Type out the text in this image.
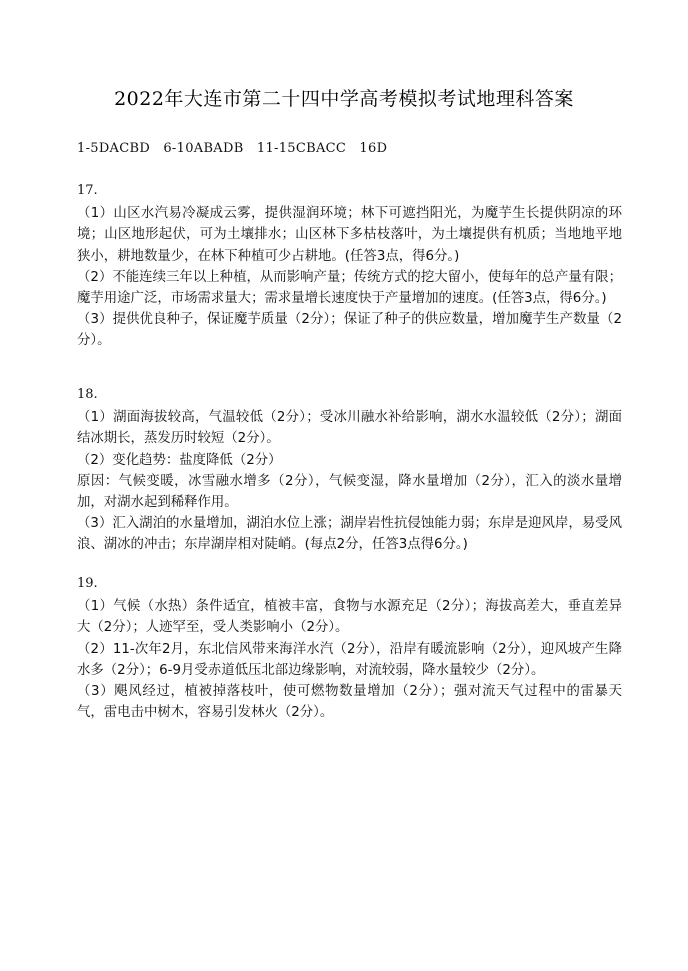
2022年大连市第二十四中学高考模拟考试地理科答案
1-5DACBD   6-10ABADB   11-15CBACC   16D
17.

（1）山区水汽易冷凝成云雾，提供湿润环境；林下可遮挡阳光，为魔芋生长提供阴凉的环境；山区地形起伏，可为土壤排水；山区林下多枯枝落叶，为土壤提供有机质；当地地平地狭小，耕地数量少，在林下种植可少占耕地。(任答3点，得6分。)

（2）不能连续三年以上种植，从而影响产量；传统方式的挖大留小，使每年的总产量有限；魔芋用途广泛，市场需求量大；需求量增长速度快于产量增加的速度。(任答3点，得6分。)

（3）提供优良种子，保证魔芋质量（2分）；保证了种子的供应数量，增加魔芋生产数量（2分）。

18.

（1）湖面海拔较高，气温较低（2分）；受冰川融水补给影响，湖水水温较低（2分）；湖面结冰期长，蒸发历时较短（2分）。

（2）变化趋势：盐度降低（2分）

原因：气候变暖，冰雪融水增多（2分），气候变湿，降水量增加（2分），汇入的淡水量增加，对湖水起到稀释作用。

（3）汇入湖泊的水量增加，湖泊水位上涨；湖岸岩性抗侵蚀能力弱；东岸是迎风岸，易受风浪、湖冰的冲击；东岸湖岸相对陡峭。(每点2分，任答3点得6分。)

19.

（1）气候（水热）条件适宜，植被丰富，食物与水源充足（2分）；海拔高差大，垂直差异大（2分）；人迹罕至，受人类影响小（2分）。

（2）11-次年2月，东北信风带来海洋水汽（2分），沿岸有暖流影响（2分），迎风坡产生降水多（2分）；6-9月受赤道低压北部边缘影响，对流较弱，降水量较少（2分）。

（3）飓风经过，植被掉落枝叶，使可燃物数量增加（2分）；强对流天气过程中的雷暴天气，雷电击中树木，容易引发林火（2分）。
